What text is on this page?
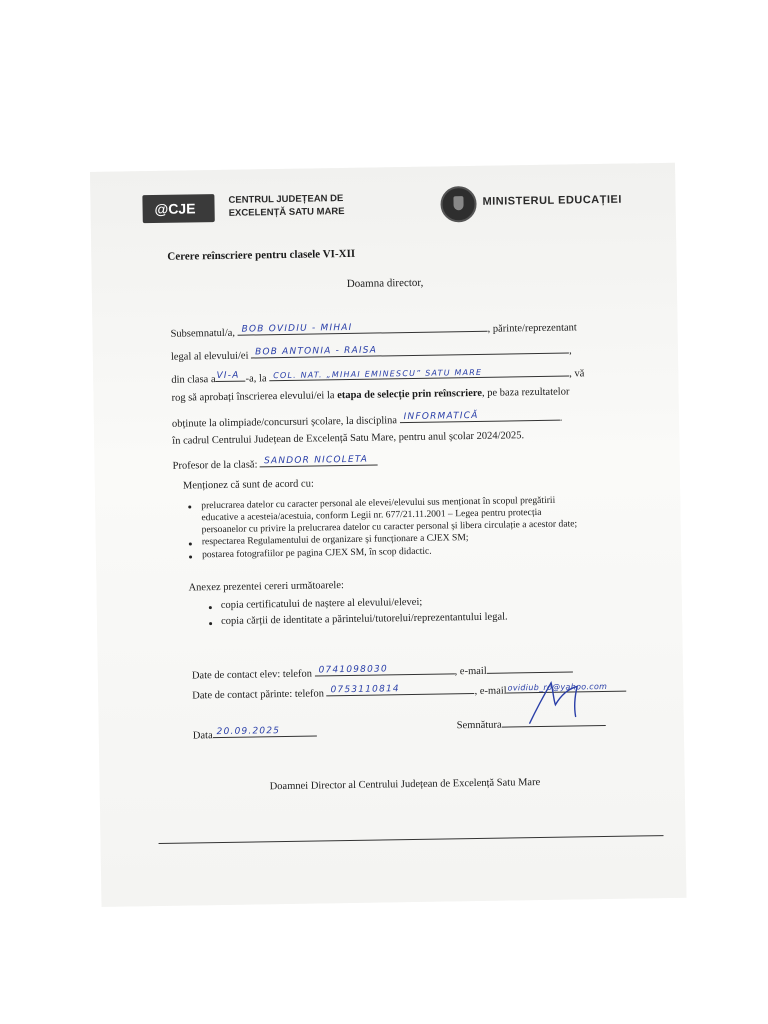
@CJE
CENTRUL JUDEȚEAN DE
EXCELENȚĂ SATU MARE
MINISTERUL EDUCAȚIEI
Cerere reînscriere pentru clasele VI-XII
Doamna director,
Subsemnatul/a, BOB OVIDIU - MIHAI	, părinte/reprezentant
legal al elevului/ei BOB ANTONIA - RAISA	,
din clasa a VI-A -a, la COL. NAT. „MIHAI EMINESCU” SATU MARE	, vă
rog să aprobați înscrierea elevului/ei la etapa de selecție prin reînscriere, pe baza rezultatelor
obținute la olimpiade/concursuri școlare, la disciplina INFORMATICĂ	.
în cadrul Centrului Județean de Excelență Satu Mare, pentru anul școlar 2024/2025.
Profesor de la clasă: SANDOR NICOLETA
Menționez că sunt de acord cu:
prelucrarea datelor cu caracter personal ale elevei/elevului sus menționat în scopul pregătirii
educative a acesteia/acestuia, conform Legii nr. 677/21.11.2001 – Legea pentru protecția
persoanelor cu privire la prelucrarea datelor cu caracter personal și libera circulație a acestor date;
respectarea Regulamentului de organizare și funcționare a CJEX SM;
postarea fotografiilor pe pagina CJEX SM, în scop didactic.
Anexez prezentei cereri următoarele:
copia certificatului de naștere al elevului/elevei;
copia cărții de identitate a părintelui/tutorelui/reprezentantului legal.
Date de contact elev: telefon 0741098030	, e-mail
Date de contact părinte: telefon 0753110814	, e-mail ovidiub_ro@yahoo.com
Data 20.09.2025
Semnătura
Doamnei Director al Centrului Județean de Excelență Satu Mare
